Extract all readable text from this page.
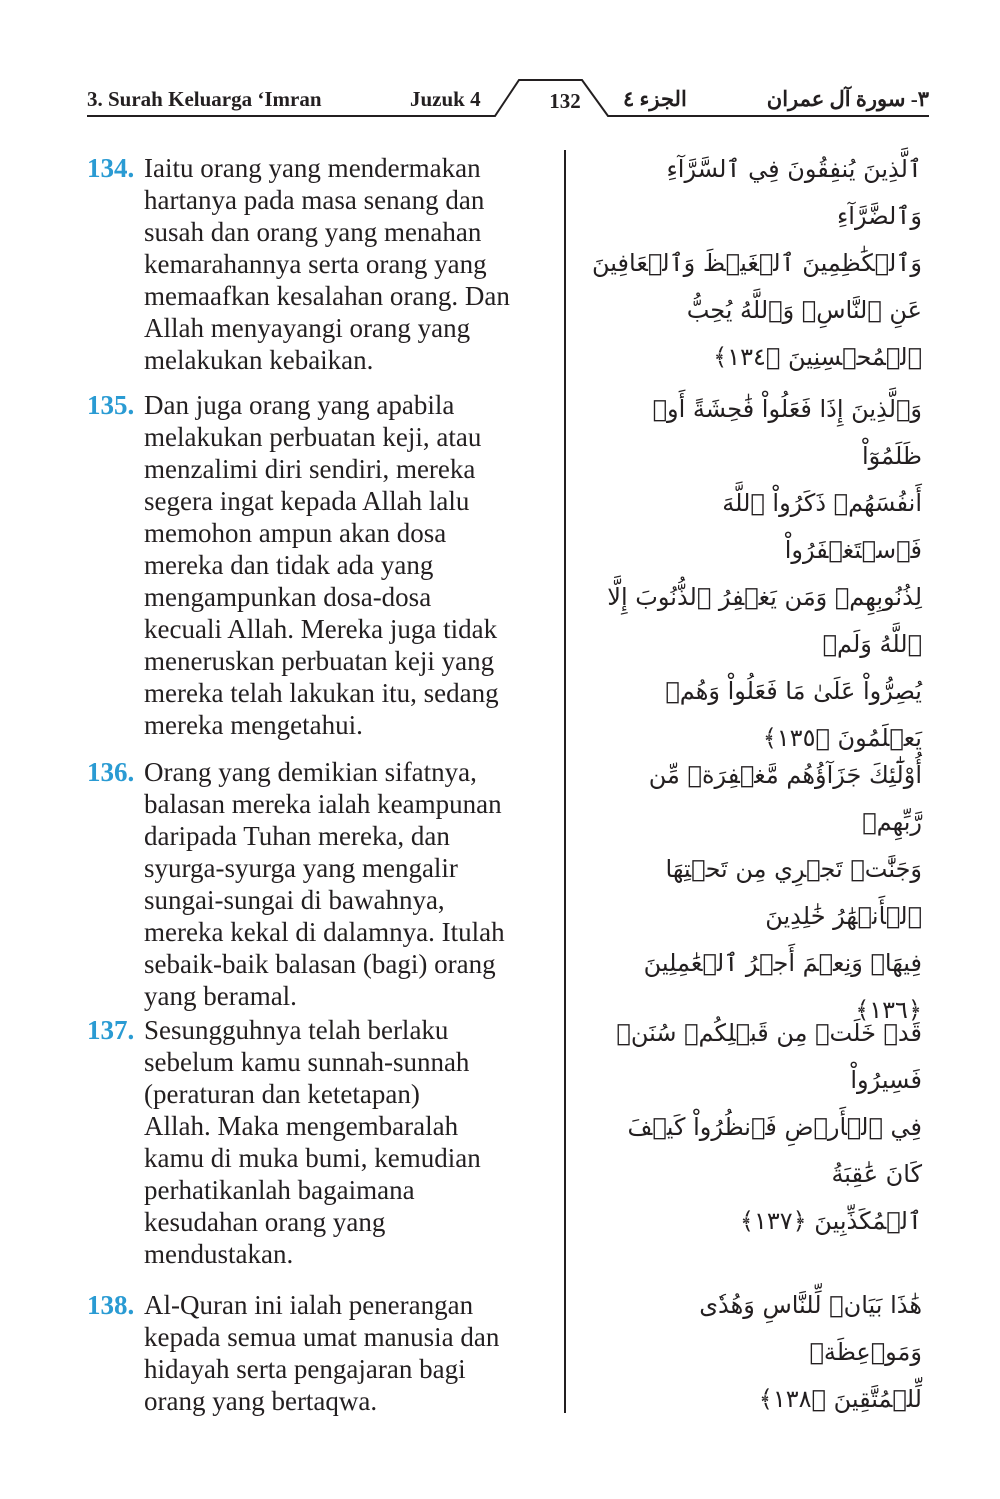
3. Surah Keluarga ‘Imran	Juzuk 4	132	الجزء ٤	٣- سورة آل عمران
134. Iaitu orang yang mendermakan
hartanya pada masa senang dan
susah dan orang yang menahan
kemarahannya serta orang yang
memaafkan kesalahan orang. Dan
Allah menyayangi orang yang
melakukan kebaikan.
ٱلَّذِينَ يُنفِقُونَ فِي ٱلسَّرَّآءِ وَٱلضَّرَّآءِ
وَٱلۡكَٰظِمِينَ ٱلۡغَيۡظَ وَٱلۡعَافِينَ
عَنِ ٱلنَّاسِۗ وَٱللَّهُ يُحِبُّ ٱلۡمُحۡسِنِينَ ﴿١٣٤﴾
135. Dan juga orang yang apabila
melakukan perbuatan keji, atau
menzalimi diri sendiri, mereka
segera ingat kepada Allah lalu
memohon ampun akan dosa
mereka dan tidak ada yang
mengampunkan dosa-dosa
kecuali Allah. Mereka juga tidak
meneruskan perbuatan keji yang
mereka telah lakukan itu, sedang
mereka mengetahui.
وَٱلَّذِينَ إِذَا فَعَلُواْ فَٰحِشَةً أَوۡ ظَلَمُوٓاْ
أَنفُسَهُمۡ ذَكَرُواْ ٱللَّهَ فَٱسۡتَغۡفَرُواْ
لِذُنُوبِهِمۡ وَمَن يَغۡفِرُ ٱلذُّنُوبَ إِلَّا ٱللَّهُ وَلَمۡ
يُصِرُّواْ عَلَىٰ مَا فَعَلُواْ وَهُمۡ يَعۡلَمُونَ ﴿١٣٥﴾
136. Orang yang demikian sifatnya,
balasan mereka ialah keampunan
daripada Tuhan mereka, dan
syurga-syurga yang mengalir
sungai-sungai di bawahnya,
mereka kekal di dalamnya. Itulah
sebaik-baik balasan (bagi) orang
yang beramal.
أُوْلَٰٓئِكَ جَزَآؤُهُم مَّغۡفِرَةٞ مِّن رَّبِّهِمۡ
وَجَنَّٰتٞ تَجۡرِي مِن تَحۡتِهَا ٱلۡأَنۡهَٰرُ خَٰلِدِينَ
فِيهَاۚ وَنِعۡمَ أَجۡرُ ٱلۡعَٰمِلِينَ ﴿١٣٦﴾
137. Sesungguhnya telah berlaku
sebelum kamu sunnah-sunnah
(peraturan dan ketetapan)
Allah. Maka mengembaralah
kamu di muka bumi, kemudian
perhatikanlah bagaimana
kesudahan orang yang
mendustakan.
قَدۡ خَلَتۡ مِن قَبۡلِكُمۡ سُنَنٞ فَسِيرُواْ
فِي ٱلۡأَرۡضِ فَٱنظُرُواْ كَيۡفَ كَانَ عَٰقِبَةُ
ٱلۡمُكَذِّبِينَ ﴿١٣٧﴾
138. Al-Quran ini ialah penerangan
kepada semua umat manusia dan
hidayah serta pengajaran bagi
orang yang bertaqwa.
هَٰذَا بَيَانٞ لِّلنَّاسِ وَهُدٗى وَمَوۡعِظَةٞ
لِّلۡمُتَّقِينَ ﴿١٣٨﴾
